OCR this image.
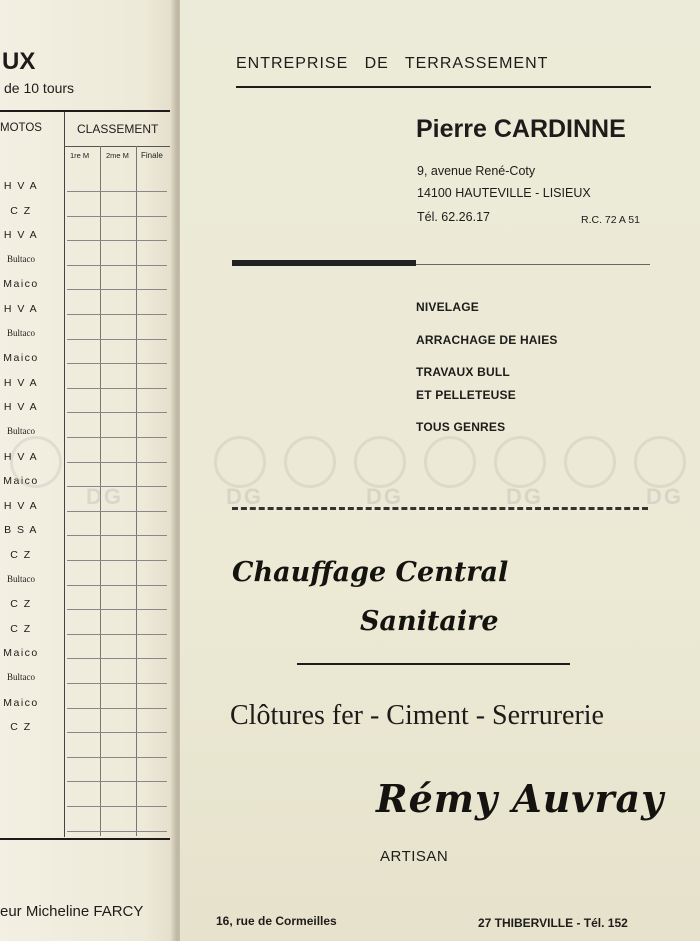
UX
de 10 tours
MOTOS	CLASSEMENT
1re M 2me M Finale
H V A
C Z
H V A
Bultaco
Maico
H V A
Bultaco
Maico
H V A
H V A
Bultaco
H V A
Maico
H V A
B S A
C Z
Bultaco
C Z
C Z
Maico
Bultaco
Maico
C Z
eur Micheline FARCY
ENTREPRISE   DE   TERRASSEMENT
Pierre CARDINNE
9, avenue René-Coty
14100 HAUTEVILLE - LISIEUX
Tél. 62.26.17	R.C. 72 A 51
NIVELAGE
ARRACHAGE DE HAIES
TRAVAUX BULL
ET PELLETEUSE
TOUS GENRES
DG	DG	DG	DG	DG
Chauffage Central
Sanitaire
Clôtures fer - Ciment - Serrurerie
Rémy Auvray
ARTISAN
16, rue de Cormeilles	27 THIBERVILLE - Tél. 152
